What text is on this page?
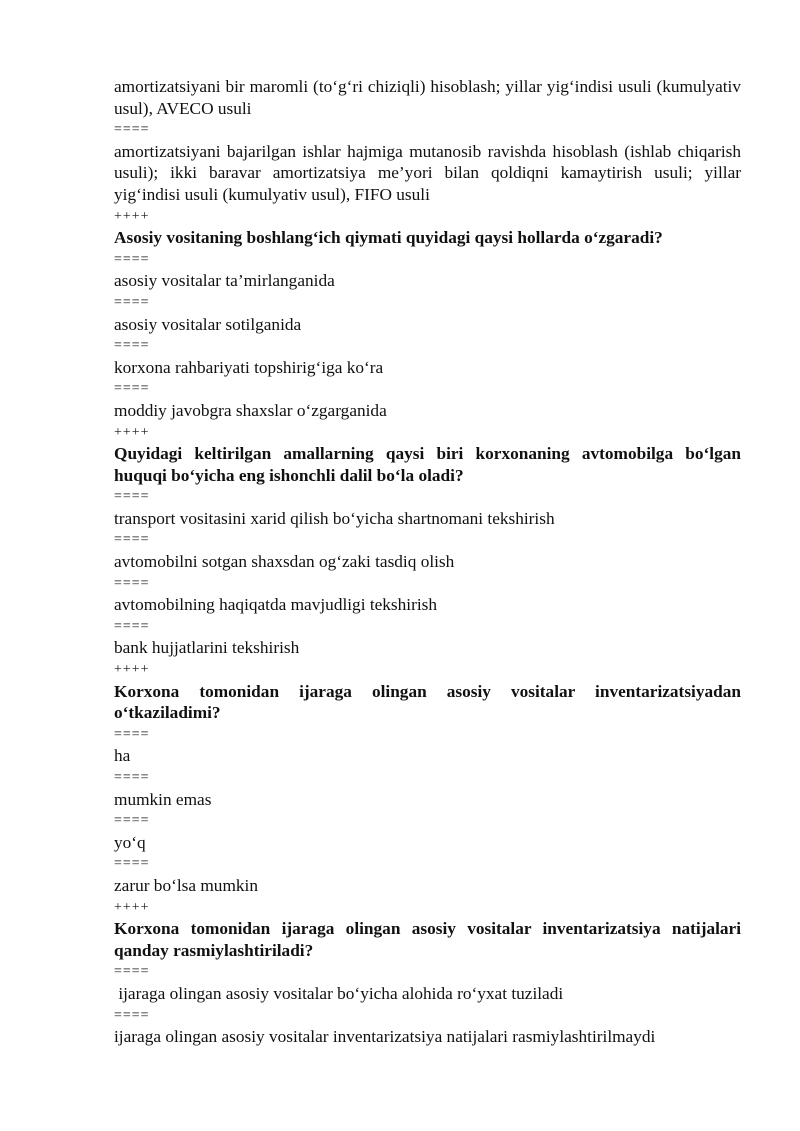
amortizatsiyani bir maromli (to‘g‘ri chiziqli) hisoblash; yillar yig‘indisi usuli (kumulyativ usul), AVECO usuli

====

amortizatsiyani bajarilgan ishlar hajmiga mutanosib ravishda hisoblash (ishlab chiqarish usuli); ikki baravar amortizatsiya me’yori bilan qoldiqni kamaytirish usuli; yillar yig‘indisi usuli (kumulyativ usul), FIFO usuli

++++

Asosiy vositaning boshlang‘ich qiymati quyidagi qaysi hollarda o‘zgaradi?

====

asosiy vositalar ta’mirlanganida

====

asosiy vositalar sotilganida

====

korxona rahbariyati topshirig‘iga ko‘ra

====

moddiy javobgra shaxslar o‘zgarganida

++++

Quyidagi keltirilgan amallarning qaysi biri korxonaning avtomobilga bo‘lgan huquqi bo‘yicha eng ishonchli dalil bo‘la oladi?

====

transport vositasini xarid qilish bo‘yicha shartnomani tekshirish

====

avtomobilni sotgan shaxsdan og‘zaki tasdiq olish

====

avtomobilning haqiqatda mavjudligi tekshirish

====

bank hujjatlarini tekshirish

++++

Korxona tomonidan ijaraga olingan asosiy vositalar inventarizatsiyadan o‘tkaziladimi?

====

ha

====

mumkin emas

====

yo‘q

====

zarur bo‘lsa mumkin

++++

Korxona tomonidan ijaraga olingan asosiy vositalar inventarizatsiya natijalari qanday rasmiylashtiriladi?

====

ijaraga olingan asosiy vositalar bo‘yicha alohida ro‘yxat tuziladi

====

ijaraga olingan asosiy vositalar inventarizatsiya natijalari rasmiylashtirilmaydi
